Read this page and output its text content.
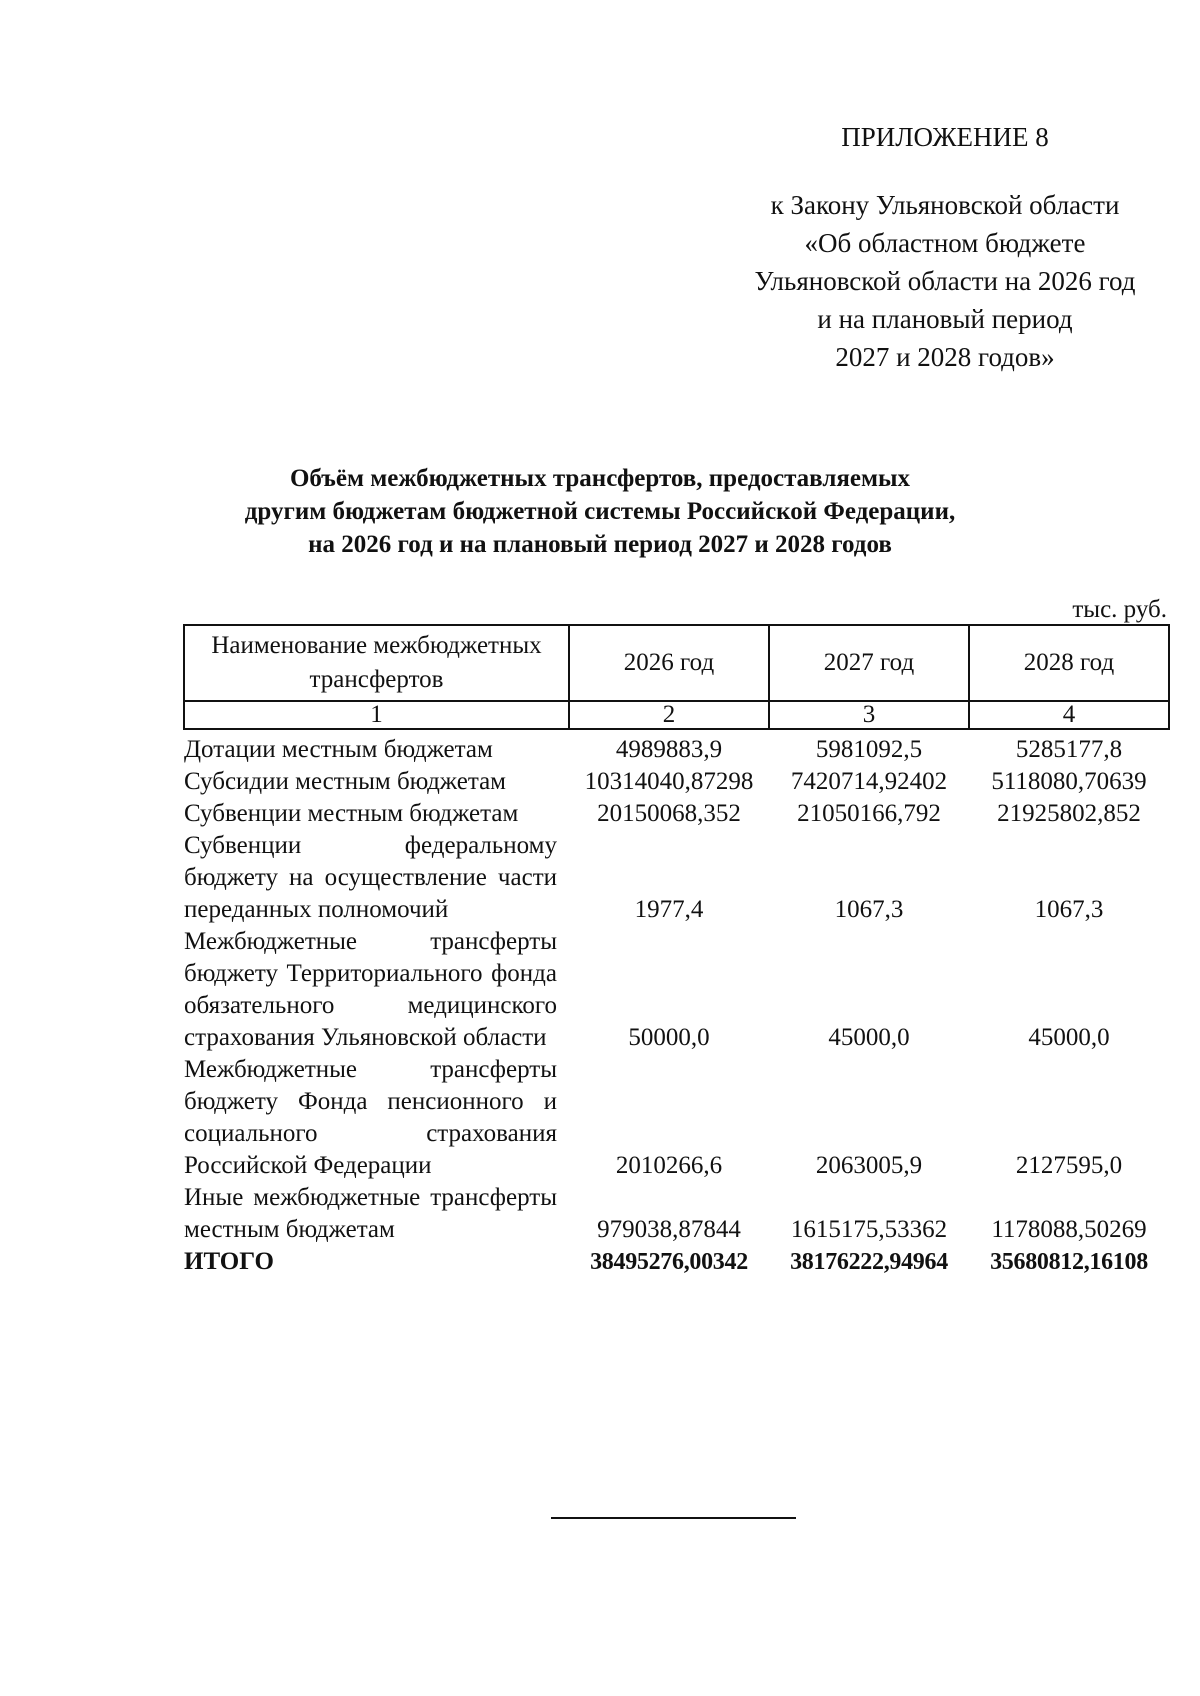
ПРИЛОЖЕНИЕ 8
к Закону Ульяновской области
«Об областном бюджете
Ульяновской области на 2026 год
и на плановый период
2027 и 2028 годов»
Объём межбюджетных трансфертов, предоставляемых
другим бюджетам бюджетной системы Российской Федерации,
на 2026 год и на плановый период 2027 и 2028 годов
тыс. руб.
Наименование межбюджетных трансфертов	2026 год	2027 год	2028 год
1	2	3	4
Дотации местным бюджетам	4989883,9	5981092,5	5285177,8
Субсидии местным бюджетам	10314040,87298	7420714,92402	5118080,70639
Субвенции местным бюджетам	20150068,352	21050166,792	21925802,852
Субвенции федеральному бюджету на осуществление части переданных полномочий	1977,4	1067,3	1067,3
Межбюджетные трансферты бюджету Территориального фонда обязательного медицинского страхования Ульяновской области	50000,0	45000,0	45000,0
Межбюджетные трансферты бюджету Фонда пенсионного и социального страхования Российской Федерации	2010266,6	2063005,9	2127595,0
Иные межбюджетные трансферты местным бюджетам	979038,87844	1615175,53362	1178088,50269
ИТОГО	38495276,00342	38176222,94964	35680812,16108
